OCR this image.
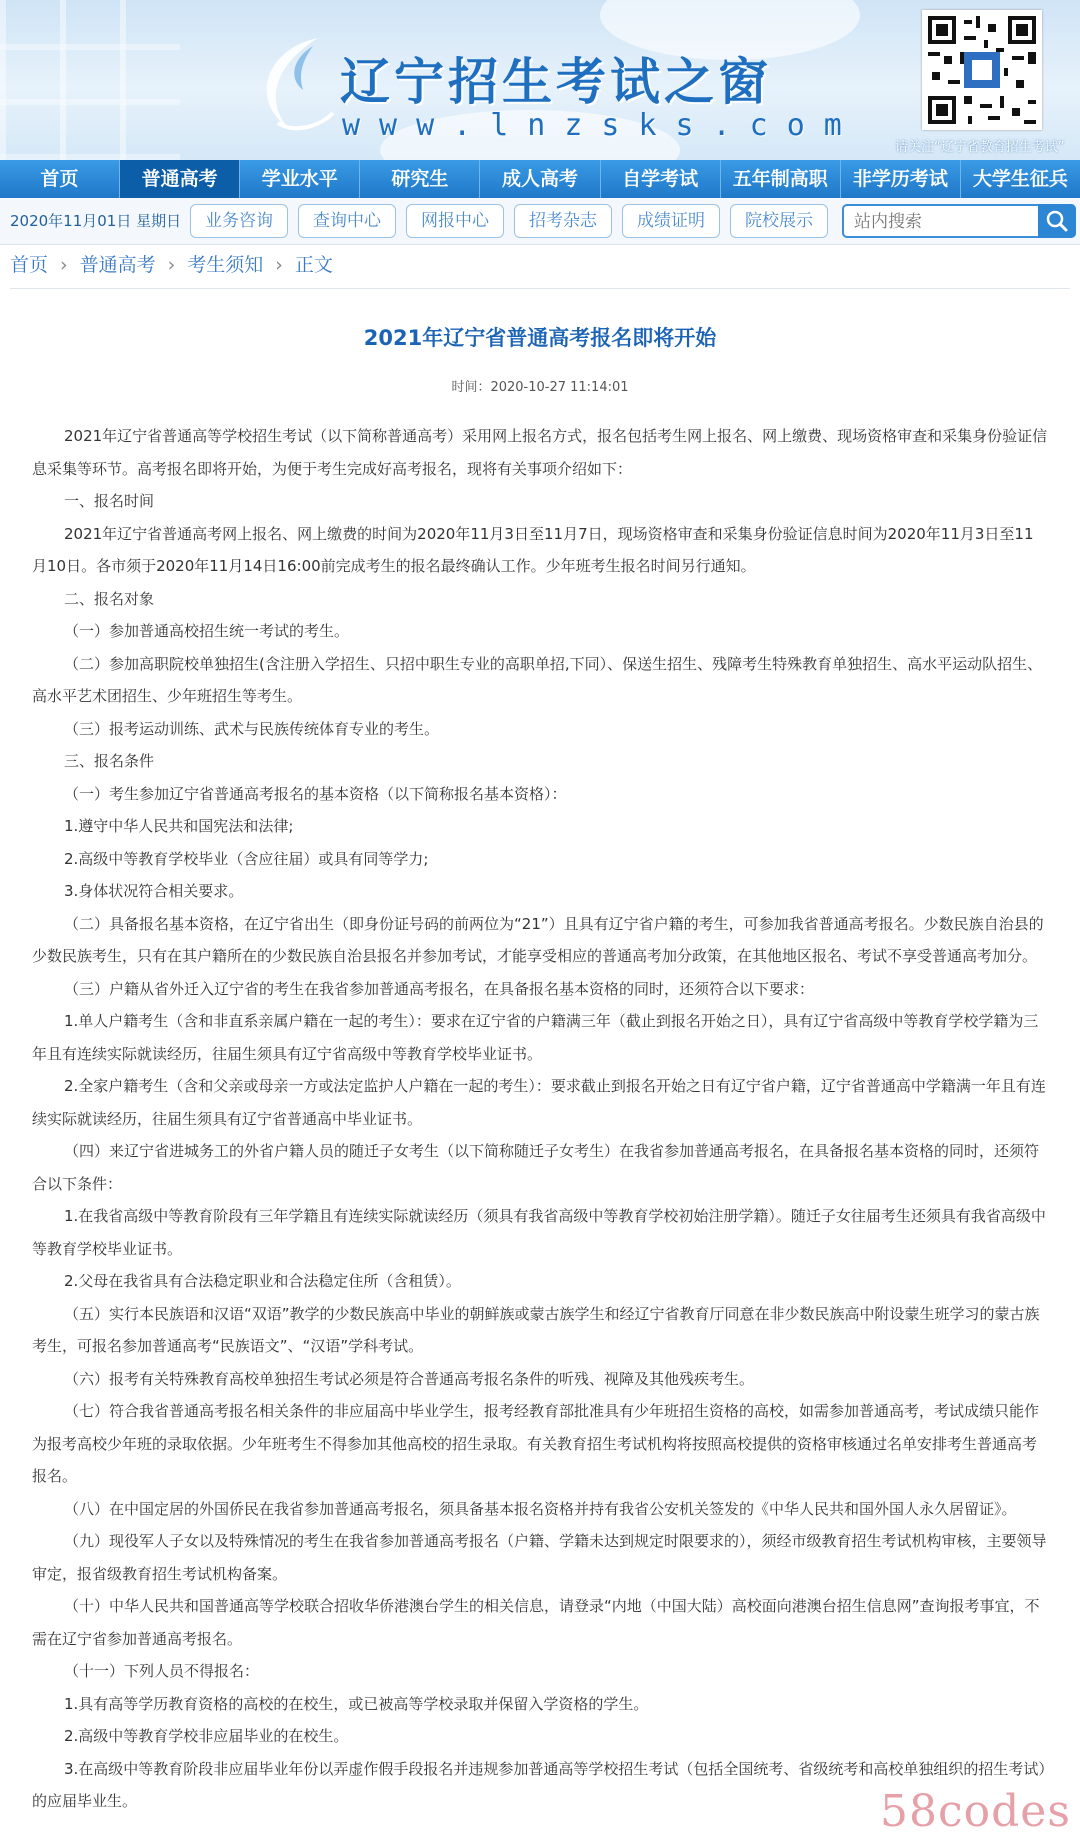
辽宁招生考试之窗
www.lnzsks.com
请关注“辽宁省教育招生考试”
首页	普通高考	学业水平	研究生	成人高考	自学考试	五年制高职	非学历考试	大学生征兵
2020年11月01日 星期日	业务咨询	查询中心	网报中心	招考杂志	成绩证明	院校展示
站内搜索
首页 › 普通高考 › 考生须知 › 正文
2021年辽宁省普通高考报名即将开始
时间：2020-10-27 11:14:01

2021年辽宁省普通高等学校招生考试（以下简称普通高考）采用网上报名方式，报名包括考生网上报名、网上缴费、现场资格审查和采集身份验证信息采集等环节。高考报名即将开始，为便于考生完成好高考报名，现将有关事项介绍如下：

一、报名时间

2021年辽宁省普通高考网上报名、网上缴费的时间为2020年11月3日至11月7日，现场资格审查和采集身份验证信息时间为2020年11月3日至11月10日。各市须于2020年11月14日16:00前完成考生的报名最终确认工作。少年班考生报名时间另行通知。

二、报名对象

（一）参加普通高校招生统一考试的考生。

（二）参加高职院校单独招生(含注册入学招生、只招中职生专业的高职单招,下同）、保送生招生、残障考生特殊教育单独招生、高水平运动队招生、高水平艺术团招生、少年班招生等考生。

（三）报考运动训练、武术与民族传统体育专业的考生。

三、报名条件

（一）考生参加辽宁省普通高考报名的基本资格（以下简称报名基本资格）：

1.遵守中华人民共和国宪法和法律;

2.高级中等教育学校毕业（含应往届）或具有同等学力;

3.身体状况符合相关要求。

（二）具备报名基本资格，在辽宁省出生（即身份证号码的前两位为“21”）且具有辽宁省户籍的考生，可参加我省普通高考报名。少数民族自治县的少数民族考生，只有在其户籍所在的少数民族自治县报名并参加考试，才能享受相应的普通高考加分政策，在其他地区报名、考试不享受普通高考加分。

（三）户籍从省外迁入辽宁省的考生在我省参加普通高考报名，在具备报名基本资格的同时，还须符合以下要求：

1.单人户籍考生（含和非直系亲属户籍在一起的考生）：要求在辽宁省的户籍满三年（截止到报名开始之日），具有辽宁省高级中等教育学校学籍为三年且有连续实际就读经历，往届生须具有辽宁省高级中等教育学校毕业证书。

2.全家户籍考生（含和父亲或母亲一方或法定监护人户籍在一起的考生）：要求截止到报名开始之日有辽宁省户籍，辽宁省普通高中学籍满一年且有连续实际就读经历，往届生须具有辽宁省普通高中毕业证书。

（四）来辽宁省进城务工的外省户籍人员的随迁子女考生（以下简称随迁子女考生）在我省参加普通高考报名，在具备报名基本资格的同时，还须符合以下条件：

1.在我省高级中等教育阶段有三年学籍且有连续实际就读经历（须具有我省高级中等教育学校初始注册学籍）。随迁子女往届考生还须具有我省高级中等教育学校毕业证书。

2.父母在我省具有合法稳定职业和合法稳定住所（含租赁）。

（五）实行本民族语和汉语“双语”教学的少数民族高中毕业的朝鲜族或蒙古族学生和经辽宁省教育厅同意在非少数民族高中附设蒙生班学习的蒙古族考生，可报名参加普通高考“民族语文”、“汉语”学科考试。

（六）报考有关特殊教育高校单独招生考试必须是符合普通高考报名条件的听残、视障及其他残疾考生。

（七）符合我省普通高考报名相关条件的非应届高中毕业学生，报考经教育部批准具有少年班招生资格的高校，如需参加普通高考，考试成绩只能作为报考高校少年班的录取依据。少年班考生不得参加其他高校的招生录取。有关教育招生考试机构将按照高校提供的资格审核通过名单安排考生普通高考报名。

（八）在中国定居的外国侨民在我省参加普通高考报名，须具备基本报名资格并持有我省公安机关签发的《中华人民共和国外国人永久居留证》。

（九）现役军人子女以及特殊情况的考生在我省参加普通高考报名（户籍、学籍未达到规定时限要求的），须经市级教育招生考试机构审核，主要领导审定，报省级教育招生考试机构备案。

（十）中华人民共和国普通高等学校联合招收华侨港澳台学生的相关信息，请登录“内地（中国大陆）高校面向港澳台招生信息网”查询报考事宜，不需在辽宁省参加普通高考报名。

（十一）下列人员不得报名：

1.具有高等学历教育资格的高校的在校生，或已被高等学校录取并保留入学资格的学生。

2.高级中等教育学校非应届毕业的在校生。

3.在高级中等教育阶段非应届毕业年份以弄虚作假手段报名并违规参加普通高等学校招生考试（包括全国统考、省级统考和高校单独组织的招生考试）的应届毕业生。	58codes
